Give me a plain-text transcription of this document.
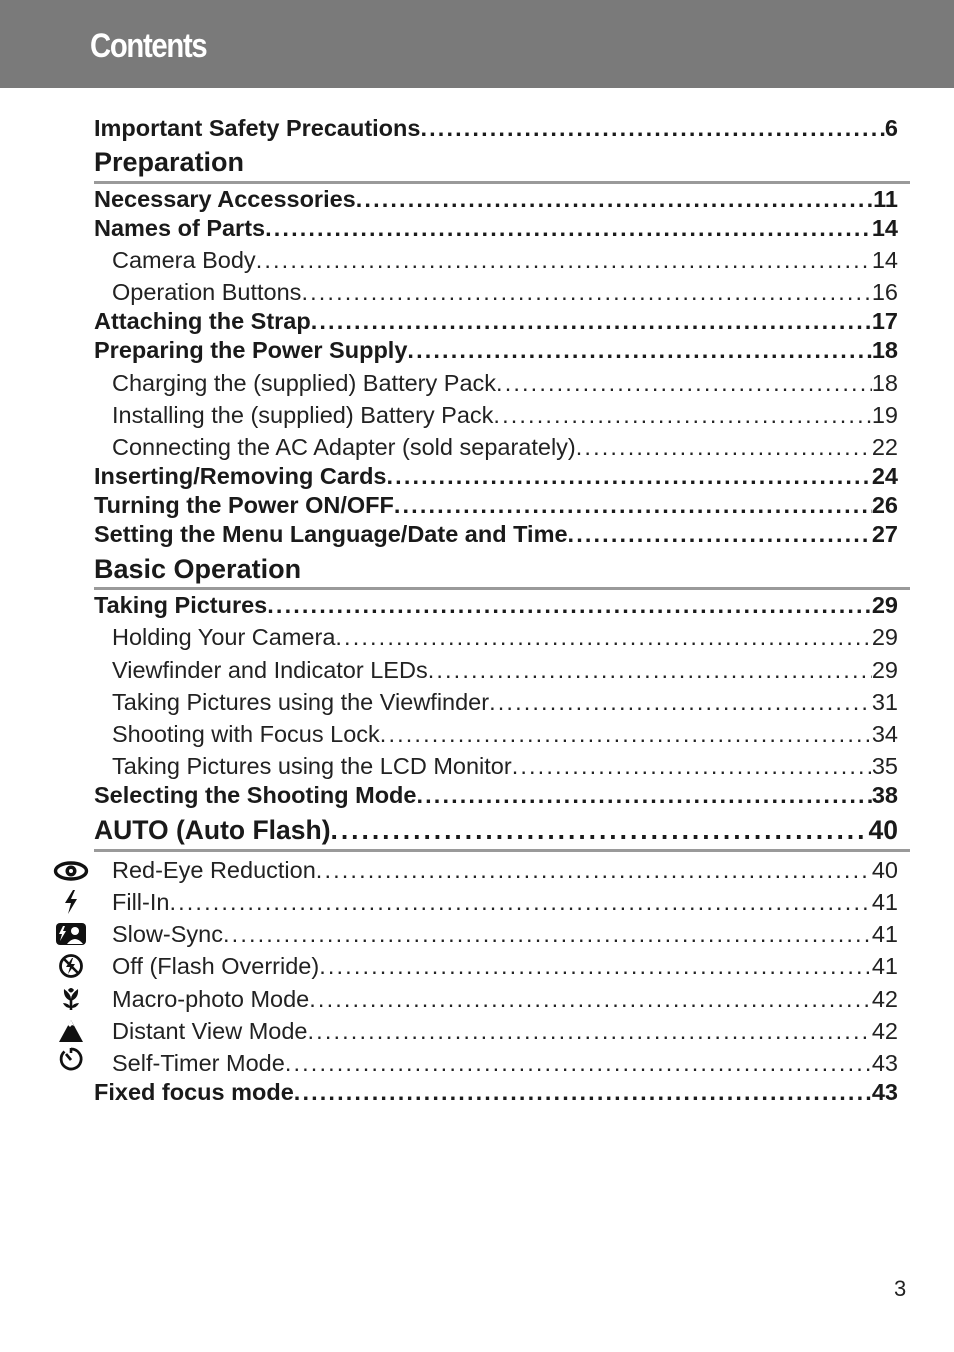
Contents
Important Safety Precautions . . .	6
Preparation
Necessary Accessories . . .	11
Names of Parts . . .	14
Camera Body . . .	14
Operation Buttons . . .	16
Attaching the Strap . . .	17
Preparing the Power Supply . . .	18
Charging the (supplied) Battery Pack . . .	18
Installing the (supplied) Battery Pack . . .	19
Connecting the AC Adapter (sold separately) . . .	22
Inserting/Removing Cards . . .	24
Turning the Power ON/OFF . . .	26
Setting the Menu Language/Date and Time . . .	27
Basic Operation
Taking Pictures . . .	29
Holding Your Camera . . .	29
Viewfinder and Indicator LEDs . . .	29
Taking Pictures using the Viewfinder . . .	31
Shooting with Focus Lock . . .	34
Taking Pictures using the LCD Monitor . . .	35
Selecting the Shooting Mode . . .	38
AUTO (Auto Flash) . . .	40
Red-Eye Reduction . . .	40
Fill-In . . .	41
Slow-Sync . . .	41
Off (Flash Override) . . .	41
Macro-photo Mode . . .	42
Distant View Mode . . .	42
Self-Timer Mode . . .	43
Fixed focus mode . . .	43
3
